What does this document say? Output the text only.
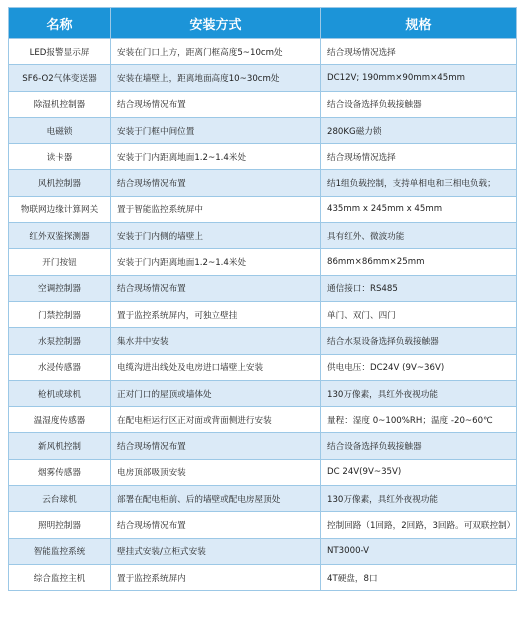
名称	安装方式	规格
LED报警显示屏	安装在门口上方，距离门框高度5~10cm处	结合现场情况选择
SF6-O2气体变送器	安装在墙壁上，距离地面高度10~30cm处	DC12V; 190mm×90mm×45mm
除湿机控制器	结合现场情况布置	结合设备选择负载接触器
电磁锁	安装于门框中间位置	280KG磁力锁
读卡器	安装于门内距离地面1.2~1.4米处	结合现场情况选择
风机控制器	结合现场情况布置	结1组负载控制，支持单相电和三相电负载；
物联网边缘计算网关	置于智能监控系统屏中	435mm x 245mm x 45mm
红外双鉴探测器	安装于门内侧的墙壁上	具有红外、微波功能
开门按钮	安装于门内距离地面1.2~1.4米处	86mm×86mm×25mm
空调控制器	结合现场情况布置	通信接口：RS485
门禁控制器	置于监控系统屏内，可独立壁挂	单门、双门、四门
水泵控制器	集水井中安装	结合水泵设备选择负载接触器
水浸传感器	电缆沟进出线处及电房进口墙壁上安装	供电电压：DC24V (9V~36V)
枪机或球机	正对门口的屋顶或墙体处	130万像素，具红外夜视功能
温湿度传感器	在配电柜运行区正对面或背面侧进行安装	量程：湿度 0~100%RH；温度 -20~60℃
新风机控制	结合现场情况布置	结合设备选择负载接触器
烟雾传感器	电房顶部吸顶安装	DC 24V(9V~35V)
云台球机	部署在配电柜前、后的墙壁或配电房屋顶处	130万像素，具红外夜视功能
照明控制器	结合现场情况布置	控制回路（1回路，2回路，3回路。可双联控制）
智能监控系统	壁挂式安装/立柜式安装	NT3000-V
综合监控主机	置于监控系统屏内	4T硬盘，8口
